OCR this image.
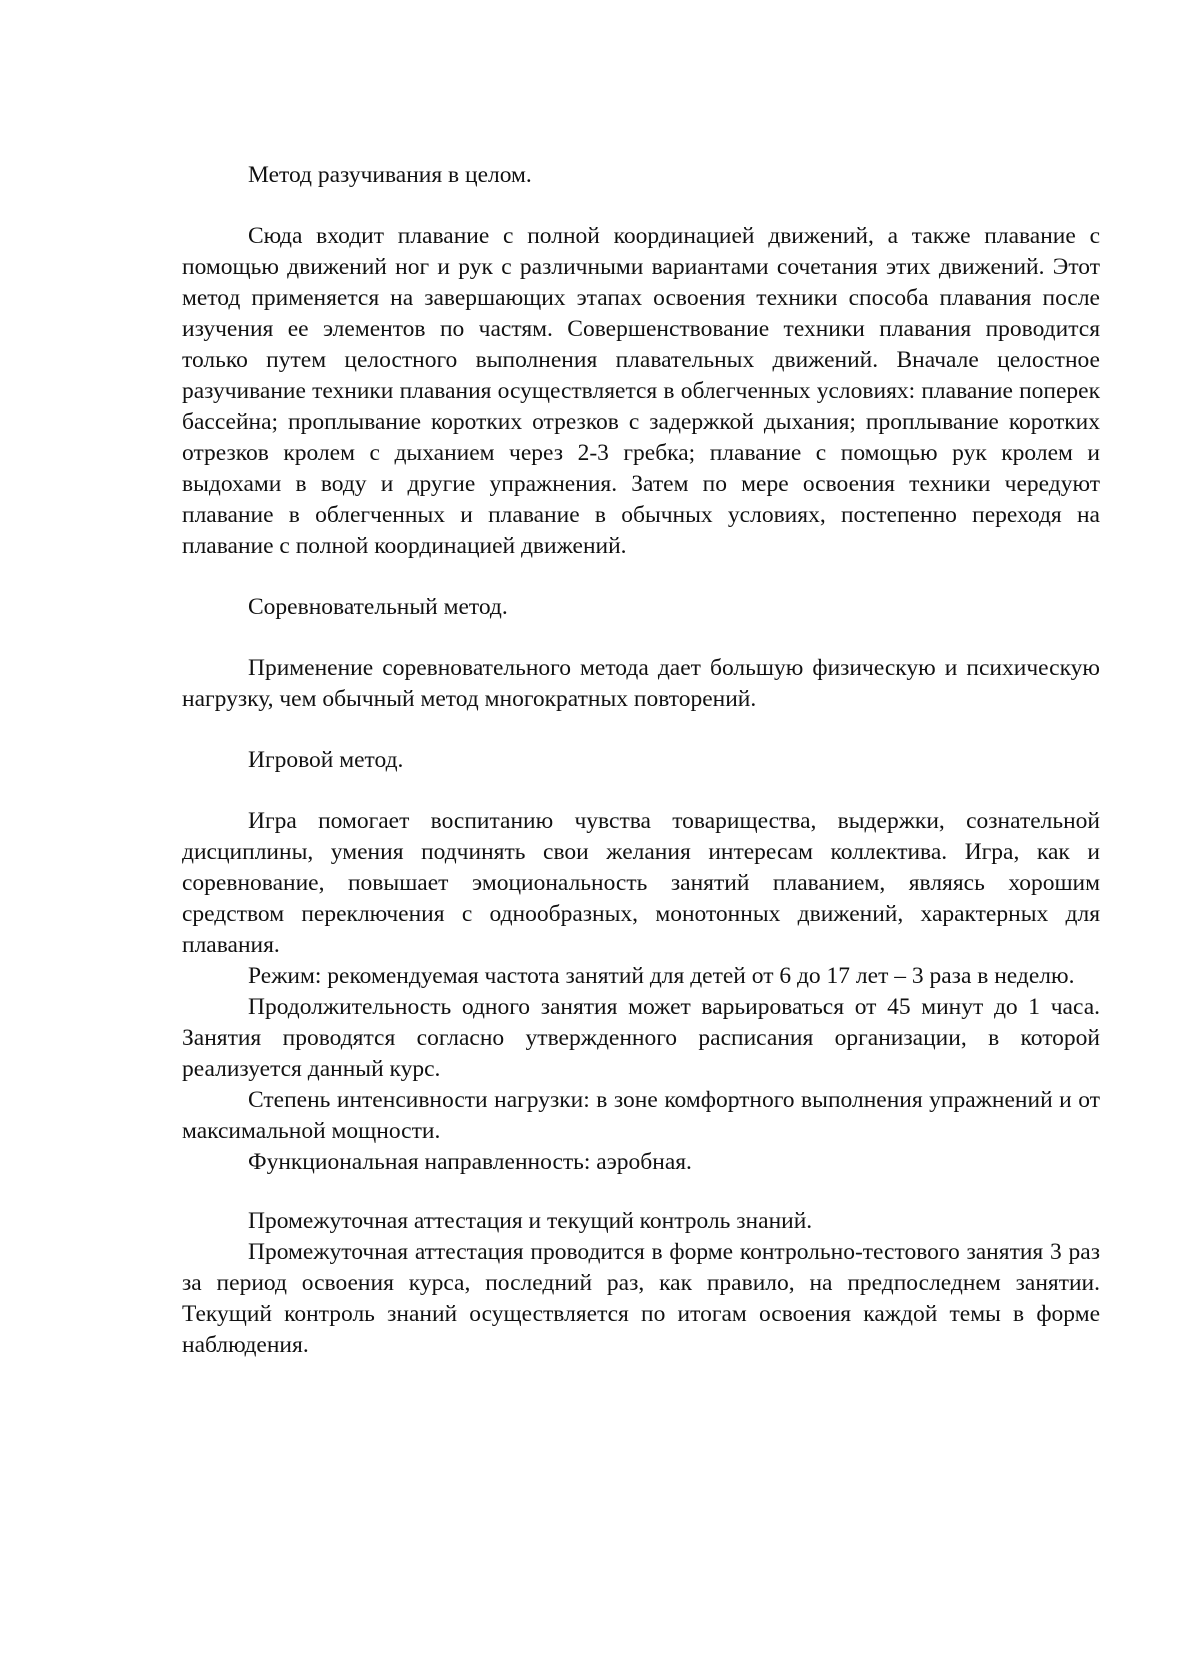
Метод разучивания в целом.

Сюда входит плавание с полной координацией движений, а также плавание с помощью движений ног и рук с различными вариантами сочетания этих движений. Этот метод применяется на завершающих этапах освоения техники способа плавания после изучения ее элементов по частям. Совершенствование техники плавания проводится только путем целостного выполнения плавательных движений. Вначале целостное разучивание техники плавания осуществляется в облегченных условиях: плавание поперек бассейна; проплывание коротких отрезков с задержкой дыхания; проплывание коротких отрезков кролем с дыханием через 2-3 гребка; плавание с помощью рук кролем и выдохами в воду и другие упражнения. Затем по мере освоения техники чередуют плавание в облегченных и плавание в обычных условиях, постепенно переходя на плавание с полной координацией движений.

Соревновательный метод.

Применение соревновательного метода дает большую физическую и психическую нагрузку, чем обычный метод многократных повторений.

Игровой метод.

Игра помогает воспитанию чувства товарищества, выдержки, сознательной дисциплины, умения подчинять свои желания интересам коллектива. Игра, как и соревнование, повышает эмоциональность занятий плаванием, являясь хорошим средством переключения с однообразных, монотонных движений, характерных для плавания.

Режим: рекомендуемая частота занятий для детей от 6 до 17 лет – 3 раза в неделю.

Продолжительность одного занятия может варьироваться от 45 минут до 1 часа. Занятия проводятся согласно утвержденного расписания организации, в которой реализуется данный курс.

Степень интенсивности нагрузки: в зоне комфортного выполнения упражнений и от максимальной мощности.

Функциональная направленность: аэробная.

Промежуточная аттестация и текущий контроль знаний.

Промежуточная аттестация проводится в форме контрольно-тестового занятия 3 раз за период освоения курса, последний раз, как правило, на предпоследнем занятии. Текущий контроль знаний осуществляется по итогам освоения каждой темы в форме наблюдения.
